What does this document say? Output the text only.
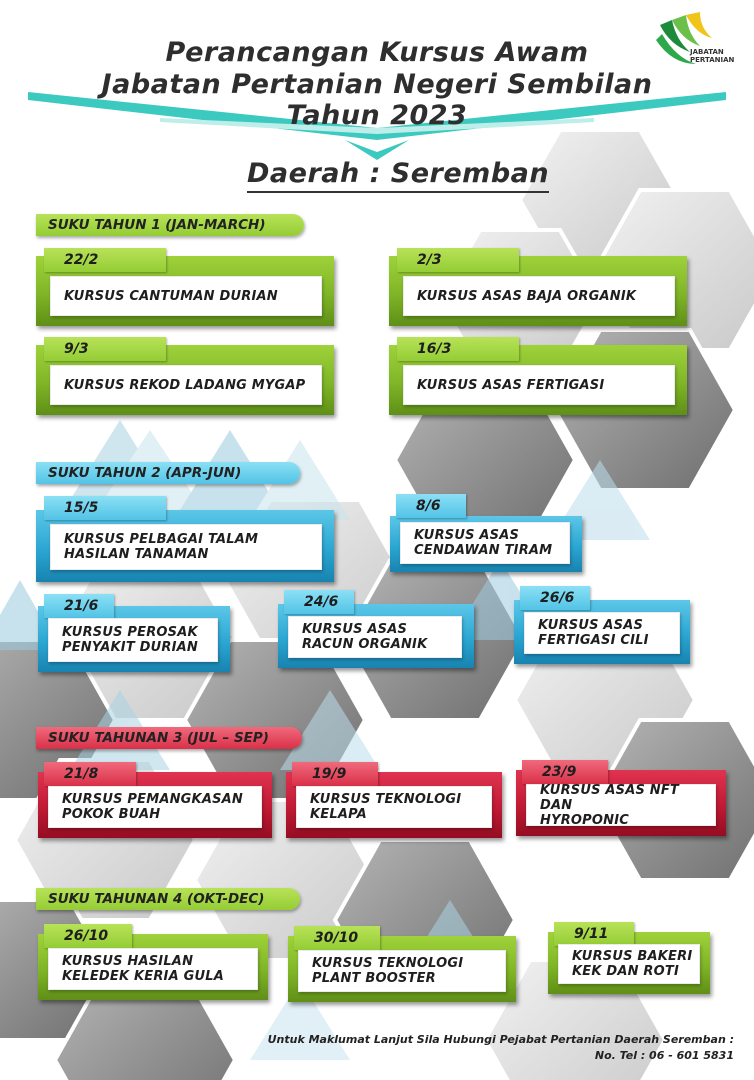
Perancangan Kursus Awam
Jabatan Pertanian Negeri Sembilan
Tahun 2023
JABATAN
PERTANIAN
Daerah : Seremban
SUKU TAHUN 1 (JAN-MARCH)
22/2
KURSUS CANTUMAN DURIAN
2/3
KURSUS ASAS BAJA ORGANIK
9/3
KURSUS REKOD LADANG MYGAP
16/3
KURSUS ASAS FERTIGASI
SUKU TAHUN 2 (APR-JUN)
15/5
KURSUS PELBAGAI TALAM
HASILAN TANAMAN
8/6
KURSUS ASAS
CENDAWAN TIRAM
21/6
KURSUS PEROSAK
PENYAKIT DURIAN
24/6
KURSUS ASAS
RACUN ORGANIK
26/6
KURSUS ASAS
FERTIGASI CILI
SUKU TAHUNAN 3 (JUL – SEP)
21/8
KURSUS PEMANGKASAN
POKOK BUAH
19/9
KURSUS TEKNOLOGI
KELAPA
23/9
KURSUS ASAS NFT DAN
HYROPONIC
SUKU TAHUNAN 4 (OKT-DEC)
26/10
KURSUS HASILAN
KELEDEK KERIA GULA
30/10
KURSUS TEKNOLOGI
PLANT BOOSTER
9/11
KURSUS BAKERI
KEK DAN ROTI
Untuk Maklumat Lanjut Sila Hubungi Pejabat Pertanian Daerah Seremban :
No. Tel : 06 - 601 5831
